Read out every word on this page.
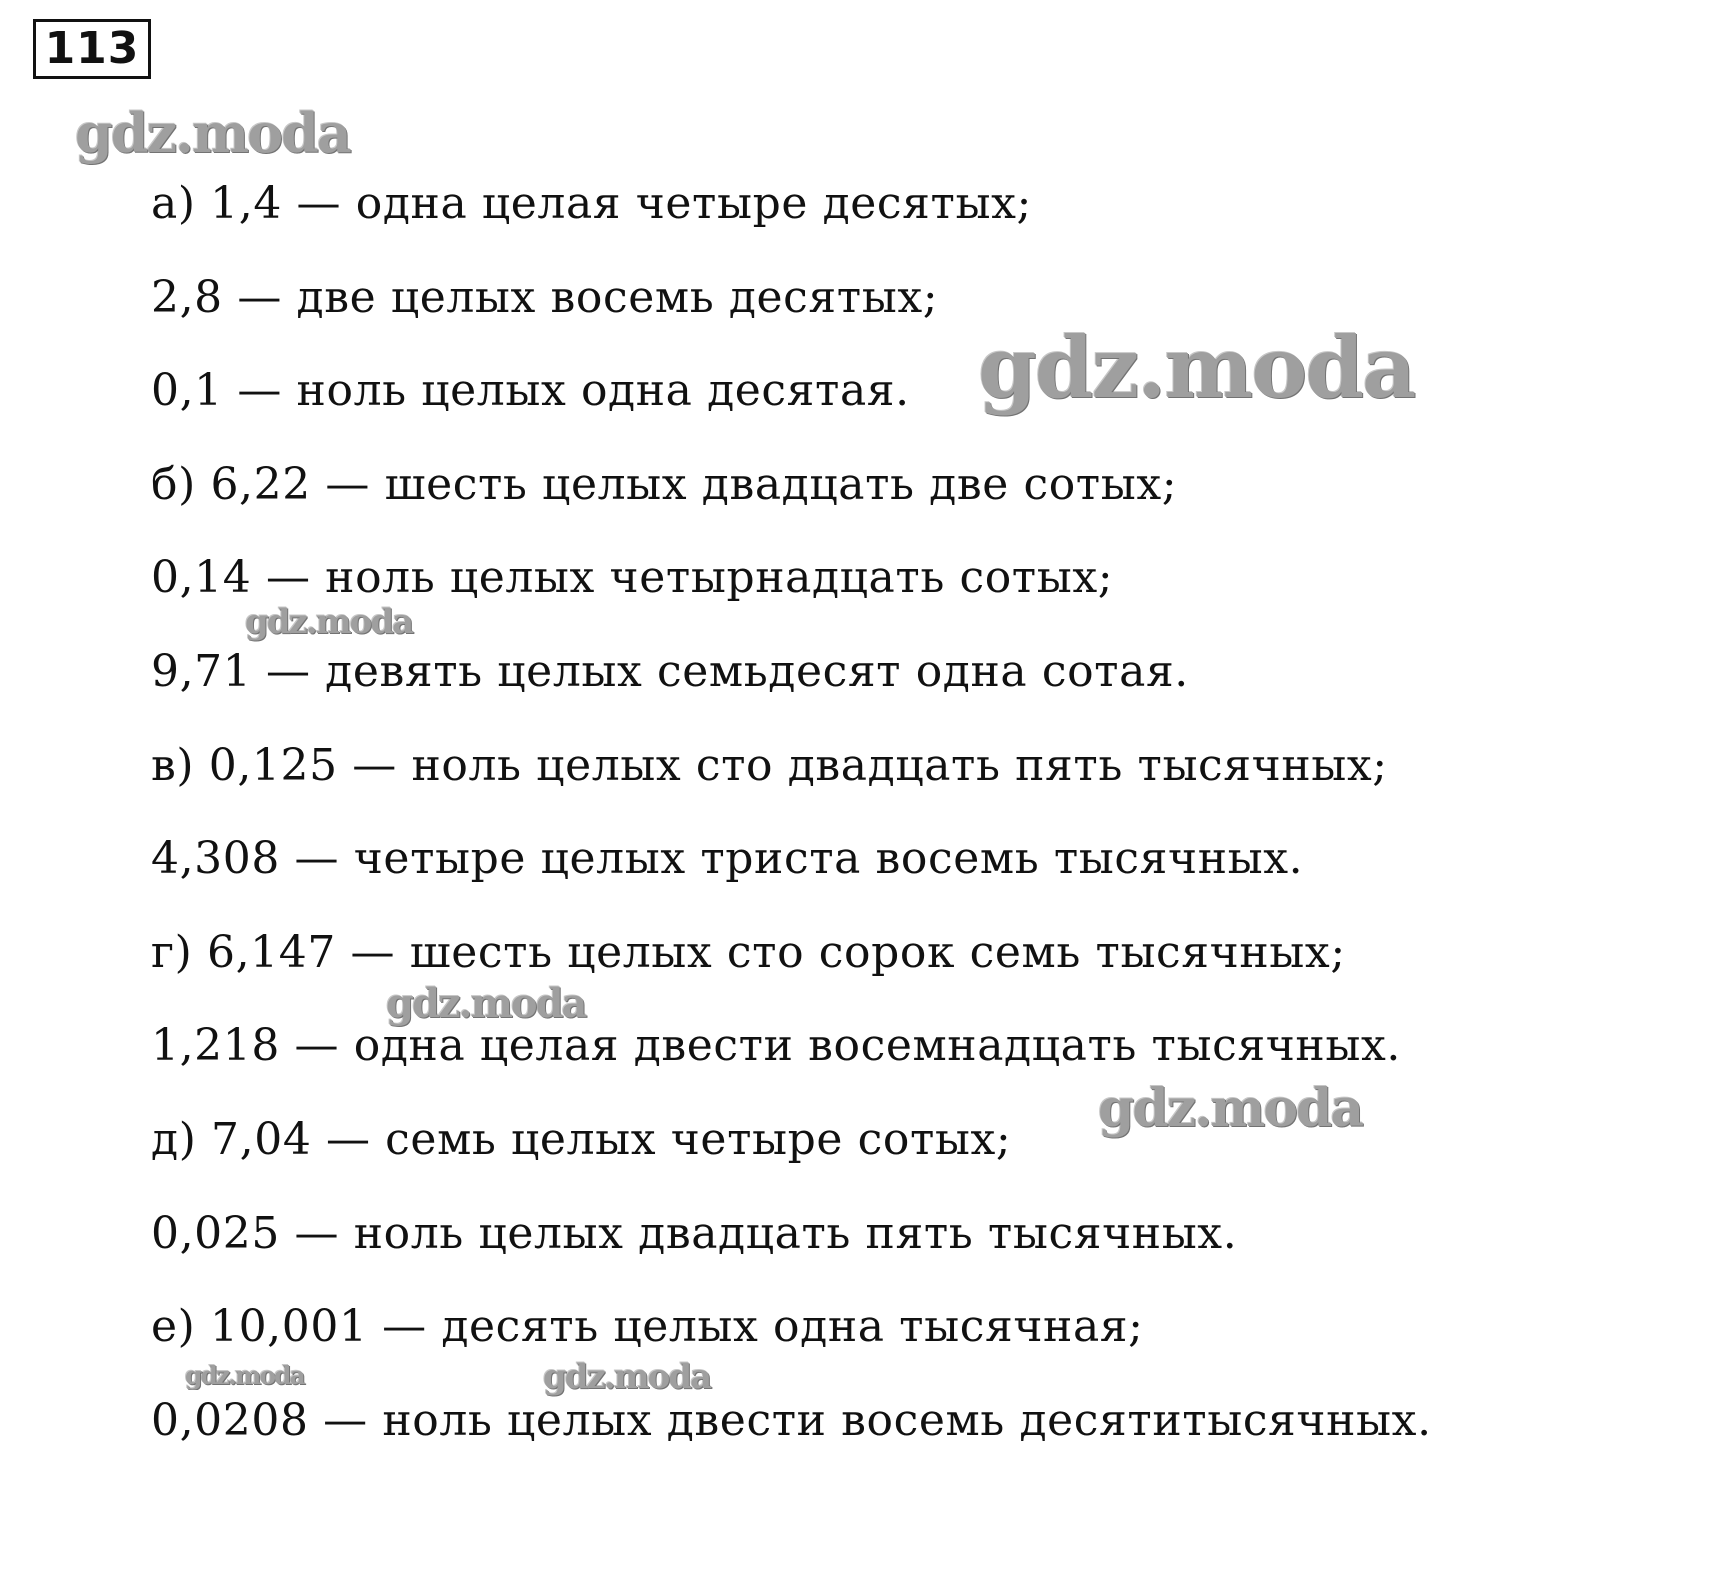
113
а) 1,4 — одна целая четыре десятых;
2,8 — две целых восемь десятых;
0,1 — ноль целых одна десятая.
б) 6,22 — шесть целых двадцать две сотых;
0,14 — ноль целых четырнадцать сотых;
9,71 — девять целых семьдесят одна сотая.
в) 0,125 — ноль целых сто двадцать пять тысячных;
4,308 — четыре целых триста восемь тысячных.
г) 6,147 — шесть целых сто сорок семь тысячных;
1,218 — одна целая двести восемнадцать тысячных.
д) 7,04 — семь целых четыре сотых;
0,025 — ноль целых двадцать пять тысячных.
е) 10,001 — десять целых одна тысячная;
0,0208 — ноль целых двести восемь десятитысячных.
gdz.moda
gdz.moda
gdz.moda
gdz.moda
gdz.moda
gdz.moda	gdz.moda
